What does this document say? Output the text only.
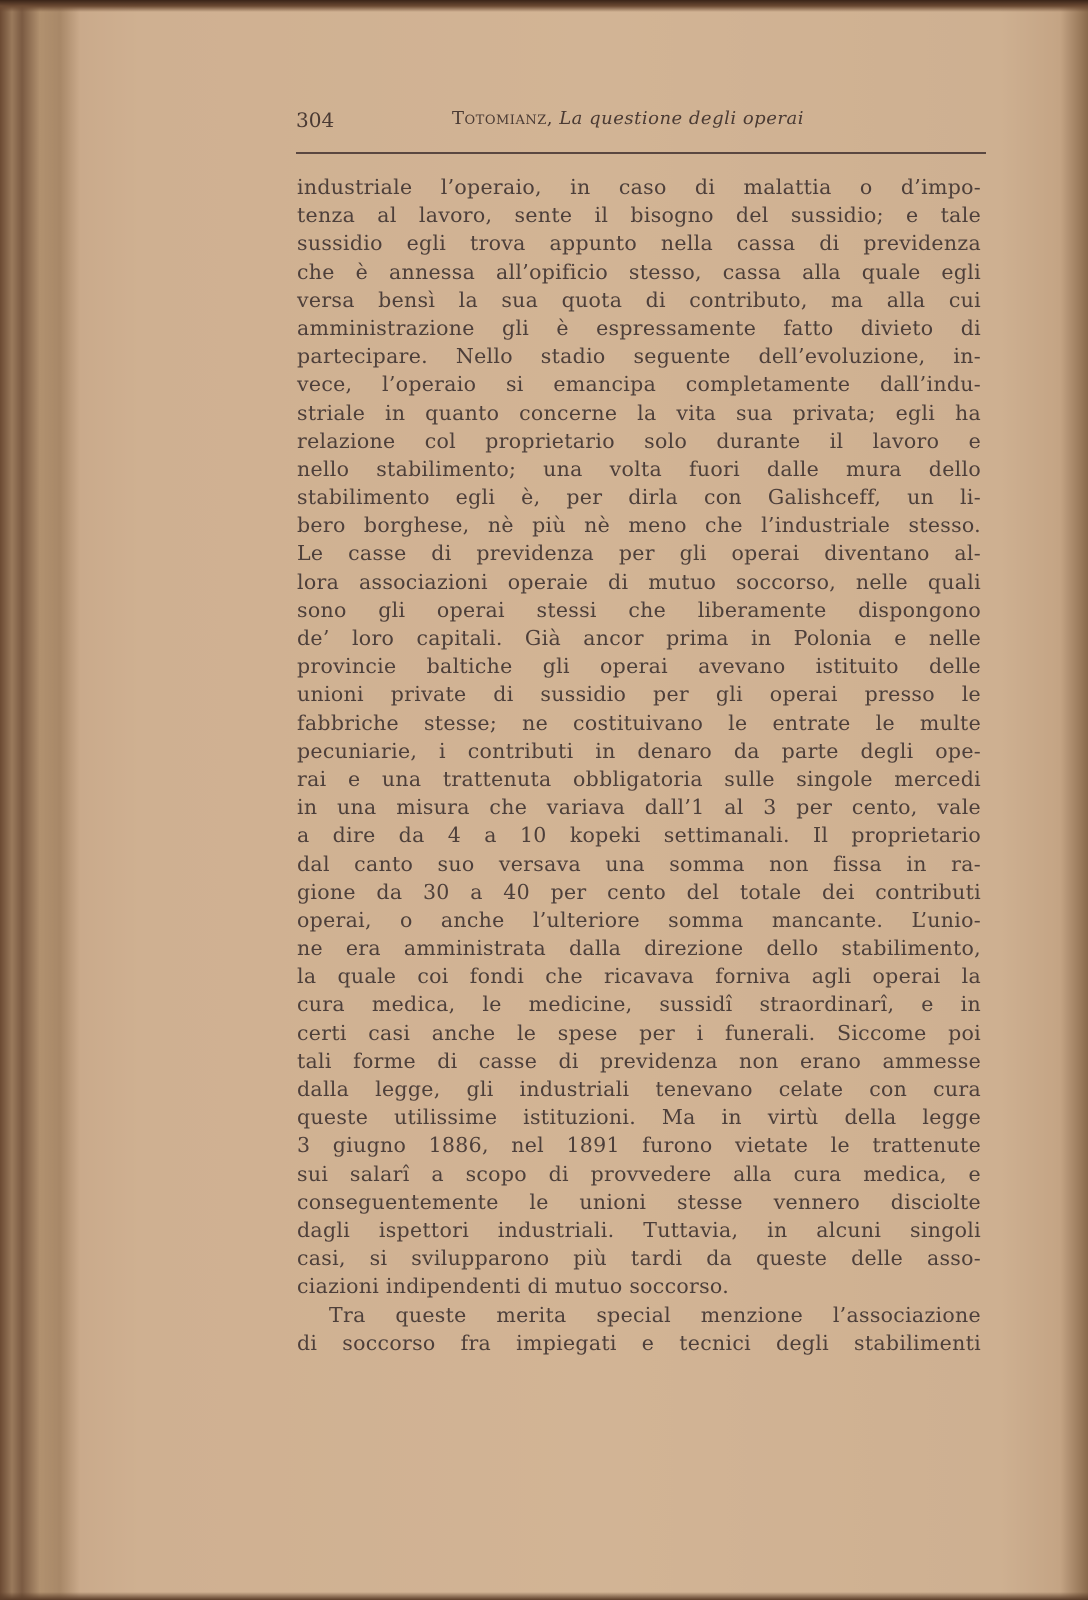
304	Totomianz, La questione degli operai
industriale l’operaio, in caso di malattia o d’impo-
tenza al lavoro, sente il bisogno del sussidio; e tale
sussidio egli trova appunto nella cassa di previdenza
che è annessa all’opificio stesso, cassa alla quale egli
versa bensì la sua quota di contributo, ma alla cui
amministrazione gli è espressamente fatto divieto di
partecipare. Nello stadio seguente dell’evoluzione, in-
vece, l’operaio si emancipa completamente dall’indu-
striale in quanto concerne la vita sua privata; egli ha
relazione col proprietario solo durante il lavoro e
nello stabilimento; una volta fuori dalle mura dello
stabilimento egli è, per dirla con Galishceff, un li-
bero borghese, nè più nè meno che l’industriale stesso.
Le casse di previdenza per gli operai diventano al-
lora associazioni operaie di mutuo soccorso, nelle quali
sono gli operai stessi che liberamente dispongono
de’ loro capitali. Già ancor prima in Polonia e nelle
provincie baltiche gli operai avevano istituito delle
unioni private di sussidio per gli operai presso le
fabbriche stesse; ne costituivano le entrate le multe
pecuniarie, i contributi in denaro da parte degli ope-
rai e una trattenuta obbligatoria sulle singole mercedi
in una misura che variava dall’1 al 3 per cento, vale
a dire da 4 a 10 kopeki settimanali. Il proprietario
dal canto suo versava una somma non fissa in ra-
gione da 30 a 40 per cento del totale dei contributi
operai, o anche l’ulteriore somma mancante. L’unio-
ne era amministrata dalla direzione dello stabilimento,
la quale coi fondi che ricavava forniva agli operai la
cura medica, le medicine, sussidî straordinarî, e in
certi casi anche le spese per i funerali. Siccome poi
tali forme di casse di previdenza non erano ammesse
dalla legge, gli industriali tenevano celate con cura
queste utilissime istituzioni. Ma in virtù della legge
3 giugno 1886, nel 1891 furono vietate le trattenute
sui salarî a scopo di provvedere alla cura medica, e
conseguentemente le unioni stesse vennero disciolte
dagli ispettori industriali. Tuttavia, in alcuni singoli
casi, si svilupparono più tardi da queste delle asso-
ciazioni indipendenti di mutuo soccorso.
Tra queste merita special menzione l’associazione
di soccorso fra impiegati e tecnici degli stabilimenti
